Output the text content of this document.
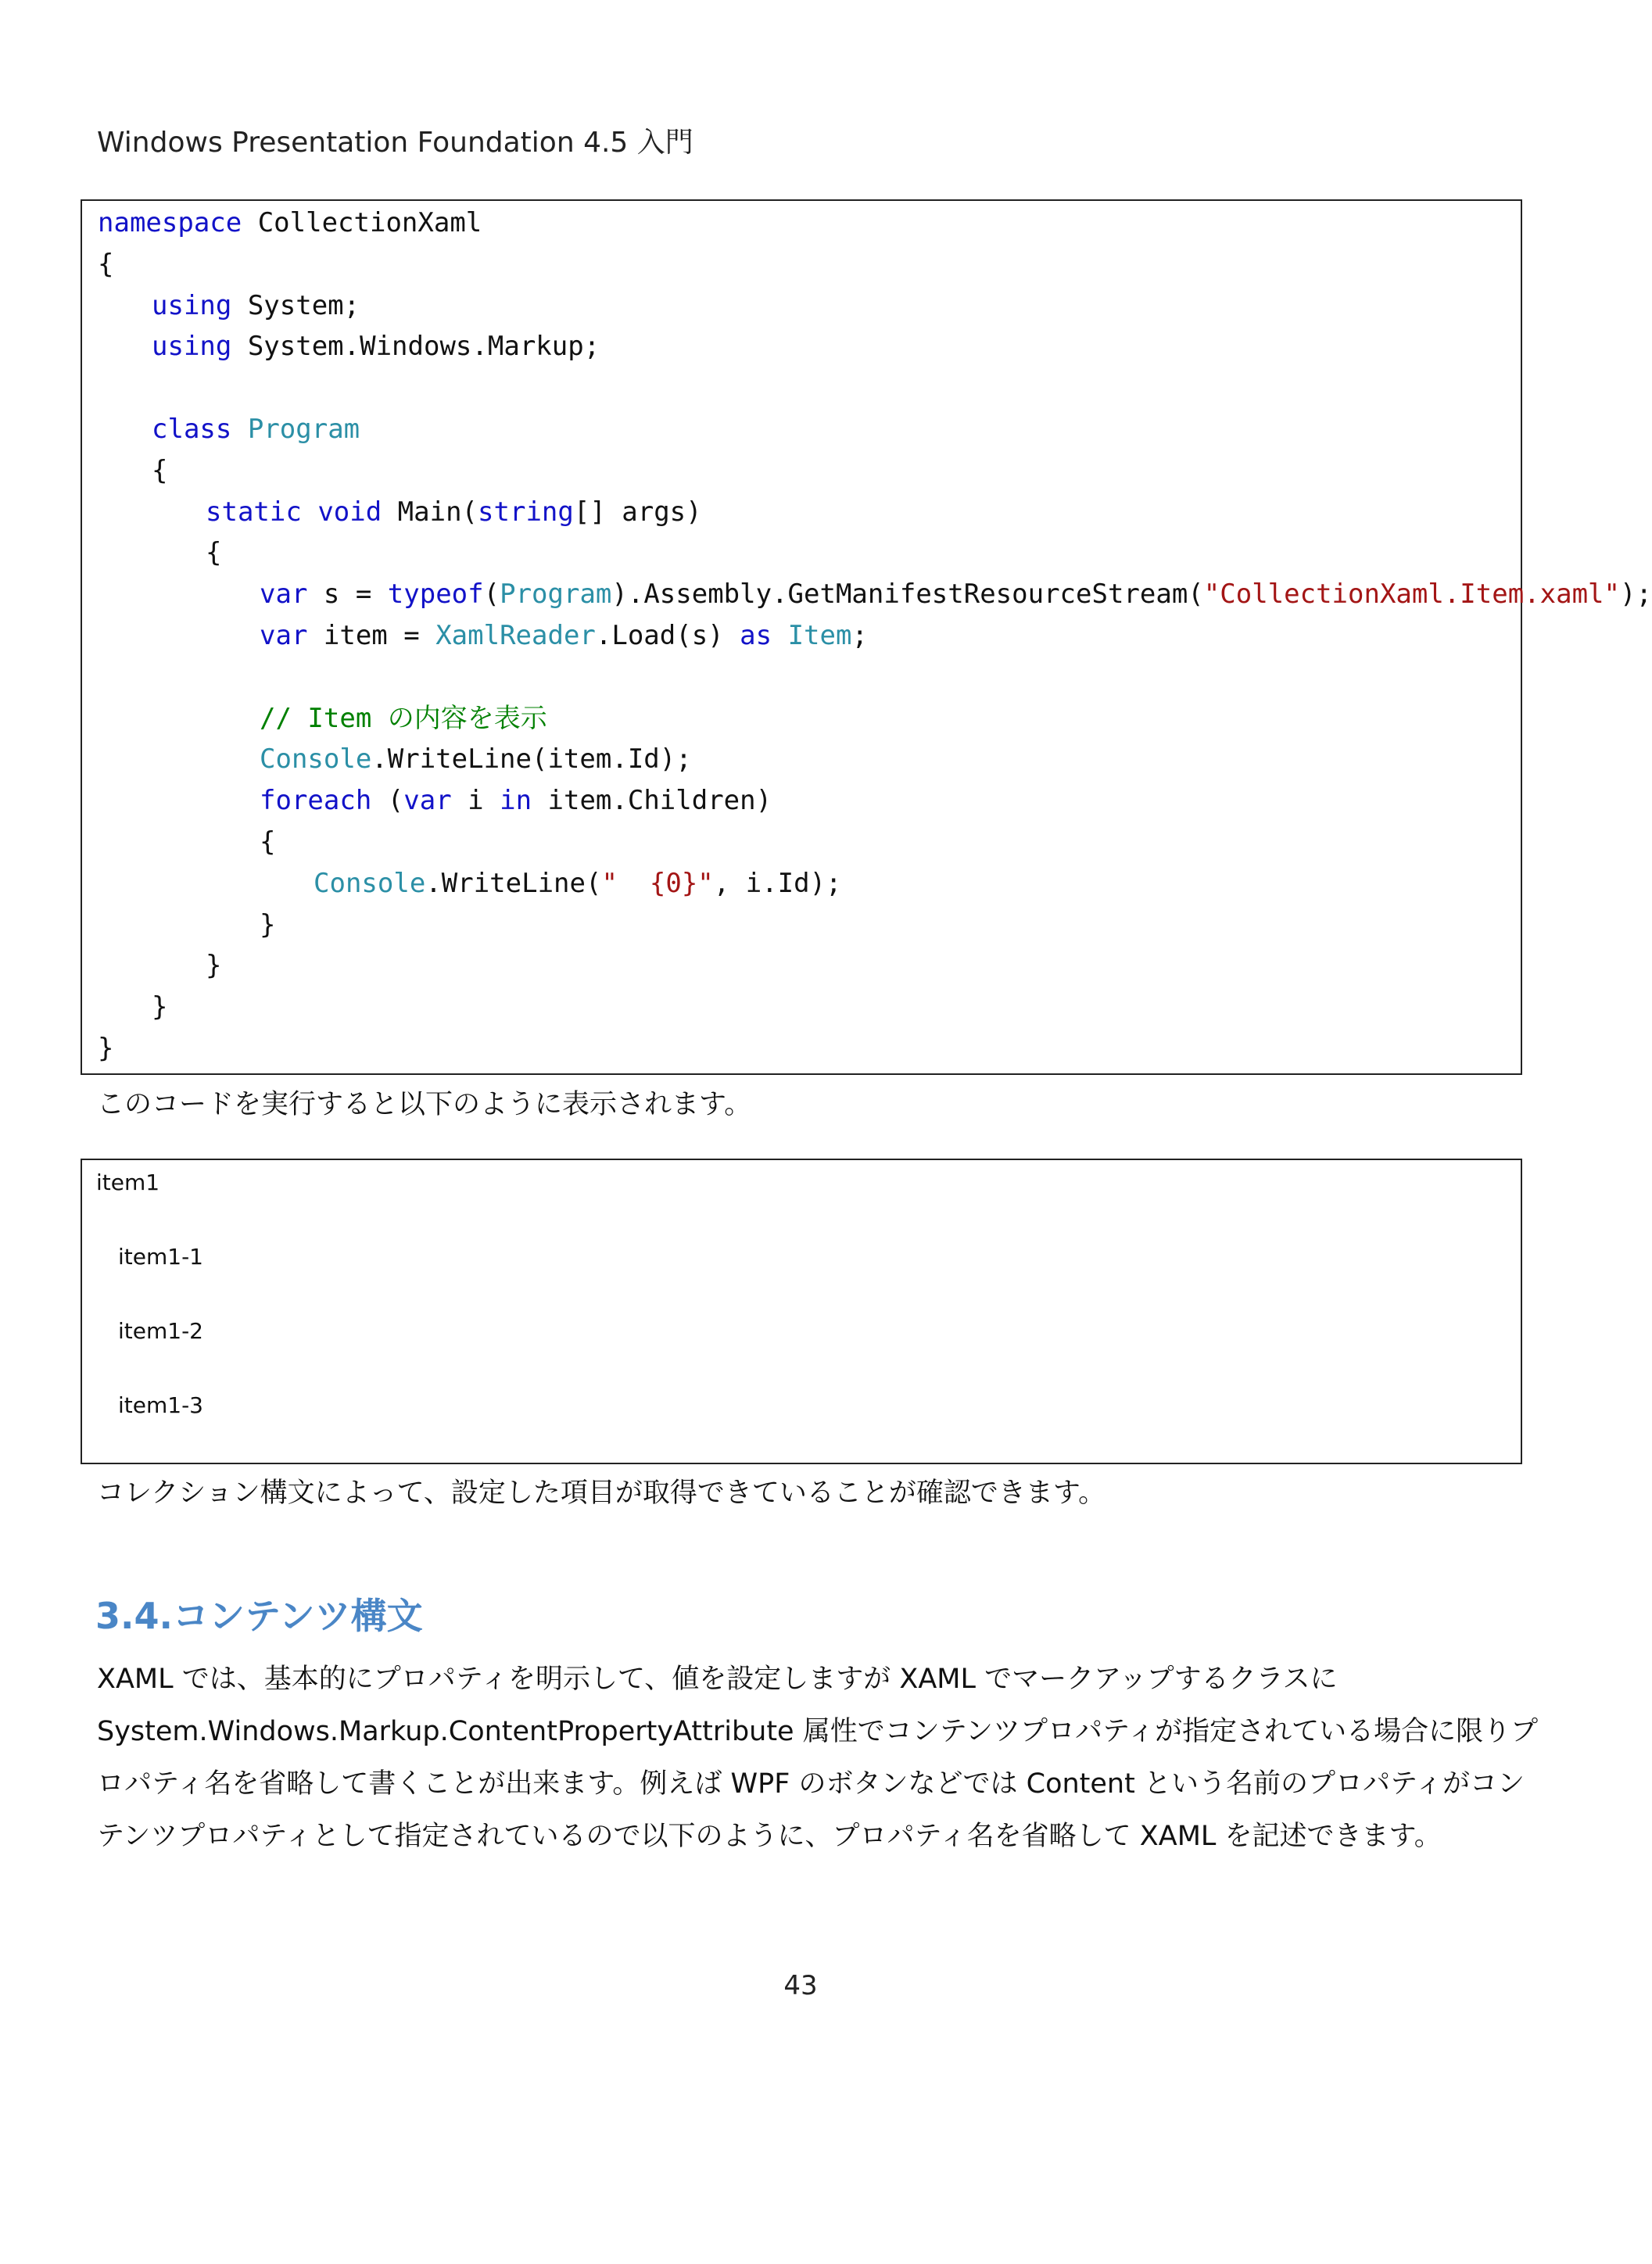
Windows Presentation Foundation 4.5 入門
namespace CollectionXaml
{
using System;
using System.Windows.Markup;
class Program
{
static void Main(string[] args)
{
var s = typeof(Program).Assembly.GetManifestResourceStream("CollectionXaml.Item.xaml");
var item = XamlReader.Load(s) as Item;
// Item の内容を表示
Console.WriteLine(item.Id);
foreach (var i in item.Children)
{
Console.WriteLine("  {0}", i.Id);
}
}
}
}
このコードを実行すると以下のように表示されます。
item1
item1-1
item1-2
item1-3
コレクション構文によって、設定した項目が取得できていることが確認できます。
3.4.コンテンツ構文
XAML では、基本的にプロパティを明示して、値を設定しますが XAML でマークアップするクラスに
System.Windows.Markup.ContentPropertyAttribute 属性でコンテンツプロパティが指定されている場合に限りプ
ロパティ名を省略して書くことが出来ます。例えば WPF のボタンなどでは Content という名前のプロパティがコン
テンツプロパティとして指定されているので以下のように、プロパティ名を省略して XAML を記述できます。
43
